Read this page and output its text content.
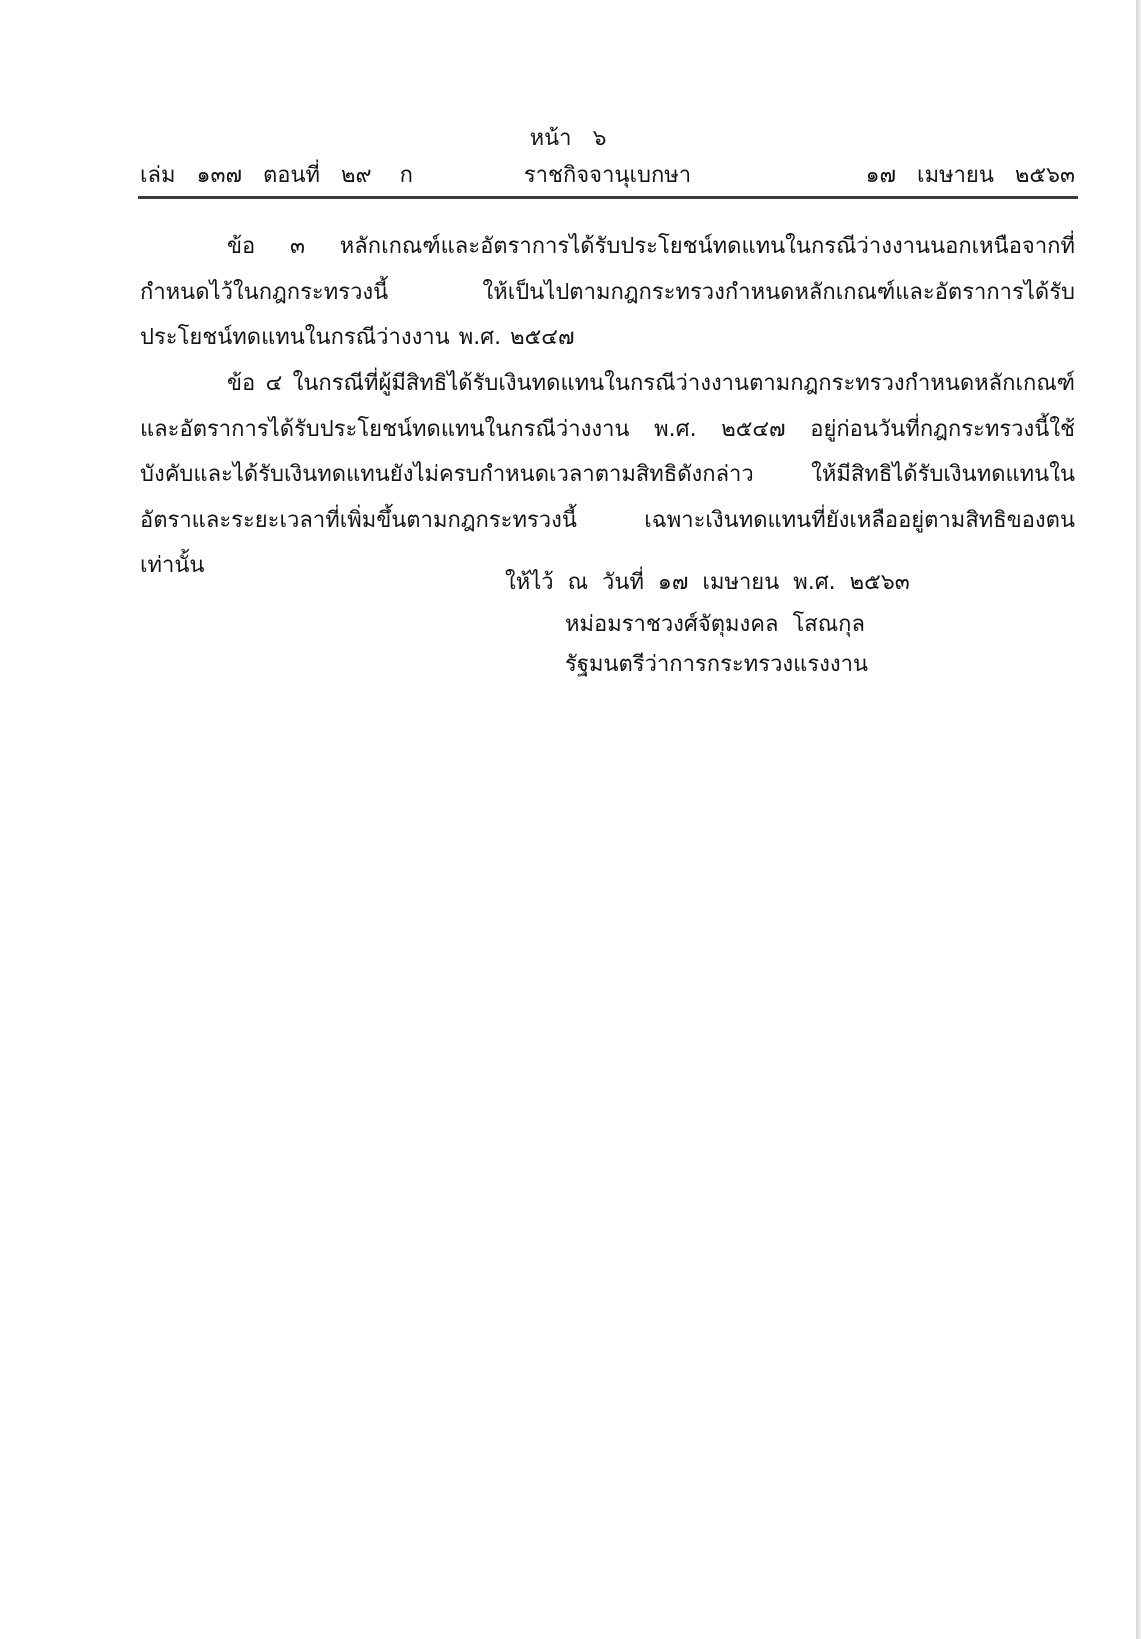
หน้า   ๖
ราชกิจจานุเบกษา
เล่ม   ๑๓๗   ตอนที่   ๒๙    ก	๑๗   เมษายน   ๒๕๖๓

ข้อ ๓ หลักเกณฑ์และอัตราการได้รับประโยชน์ทดแทนในกรณีว่างงานนอกเหนือจากที่กำหนดไว้ในกฎกระทรวงนี้ ให้เป็นไปตามกฎกระทรวงกำหนดหลักเกณฑ์และอัตราการได้รับประโยชน์ทดแทนในกรณีว่างงาน พ.ศ. ๒๕๔๗

ข้อ ๔ ในกรณีที่ผู้มีสิทธิได้รับเงินทดแทนในกรณีว่างงานตามกฎกระทรวงกำหนดหลักเกณฑ์และอัตราการได้รับประโยชน์ทดแทนในกรณีว่างงาน พ.ศ. ๒๕๔๗ อยู่ก่อนวันที่กฎกระทรวงนี้ใช้บังคับและได้รับเงินทดแทนยังไม่ครบกำหนดเวลาตามสิทธิดังกล่าว ให้มีสิทธิได้รับเงินทดแทนในอัตราและระยะเวลาที่เพิ่มขึ้นตามกฎกระทรวงนี้ เฉพาะเงินทดแทนที่ยังเหลืออยู่ตามสิทธิของตนเท่านั้น

ให้ไว้  ณ  วันที่  ๑๗  เมษายน  พ.ศ.  ๒๕๖๓
หม่อมราชวงศ์จัตุมงคล  โสณกุล
รัฐมนตรีว่าการกระทรวงแรงงาน
